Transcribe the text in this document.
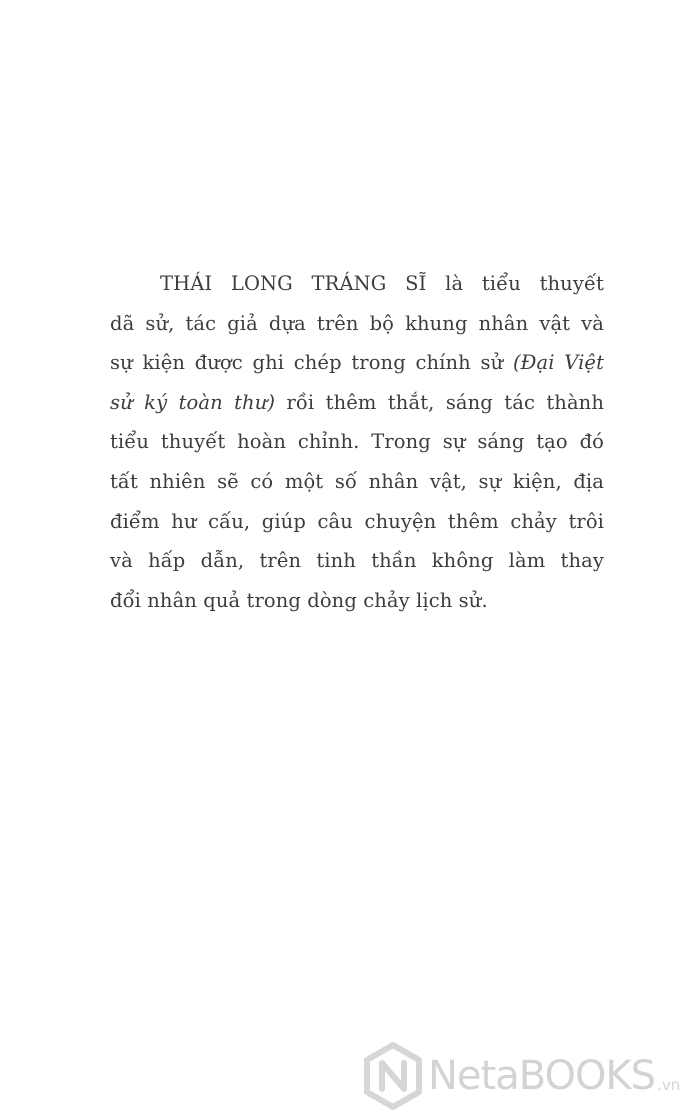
THÁI LONG TRÁNG SĨ là tiểu thuyết
dã sử, tác giả dựa trên bộ khung nhân vật và
sự kiện được ghi chép trong chính sử (Đại Việt
sử ký toàn thư) rồi thêm thắt, sáng tác thành
tiểu thuyết hoàn chỉnh. Trong sự sáng tạo đó
tất nhiên sẽ có một số nhân vật, sự kiện, địa
điểm hư cấu, giúp câu chuyện thêm chảy trôi
và hấp dẫn, trên tinh thần không làm thay
đổi nhân quả trong dòng chảy lịch sử.
NetaBOOKS .vn
